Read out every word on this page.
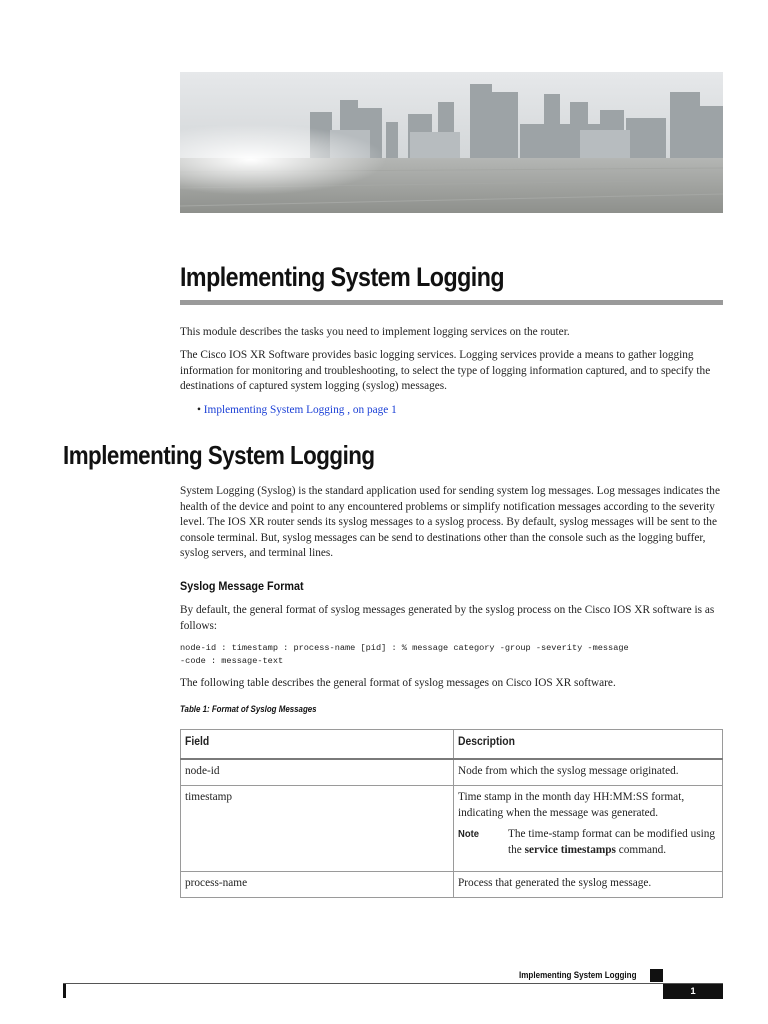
Implementing System Logging

This module describes the tasks you need to implement logging services on the router.

The Cisco IOS XR Software provides basic logging services. Logging services provide a means to gather logging information for monitoring and troubleshooting, to select the type of logging information captured, and to specify the destinations of captured system logging (syslog) messages.

• Implementing System Logging , on page 1
Implementing System Logging

System Logging (Syslog) is the standard application used for sending system log messages. Log messages indicates the health of the device and point to any encountered problems or simplify notification messages according to the severity level. The IOS XR router sends its syslog messages to a syslog process. By default, syslog messages will be sent to the console terminal. But, syslog messages can be send to destinations other than the console such as the logging buffer, syslog servers, and terminal lines.

Syslog Message Format

By default, the general format of syslog messages generated by the syslog process on the Cisco IOS XR software is as follows:

node-id : timestamp : process-name [pid] : % message category -group -severity -message
-code : message-text

The following table describes the general format of syslog messages on Cisco IOS XR software.

Table 1: Format of Syslog Messages

Field	Description
node-id	Node from which the syslog message originated.
timestamp	Time stamp in the month day HH:MM:SS format, indicating when the message was generated.
Note The time-stamp format can be modified using the service timestamps command.

process-name	Process that generated the syslog message.

Implementing System Logging

1
